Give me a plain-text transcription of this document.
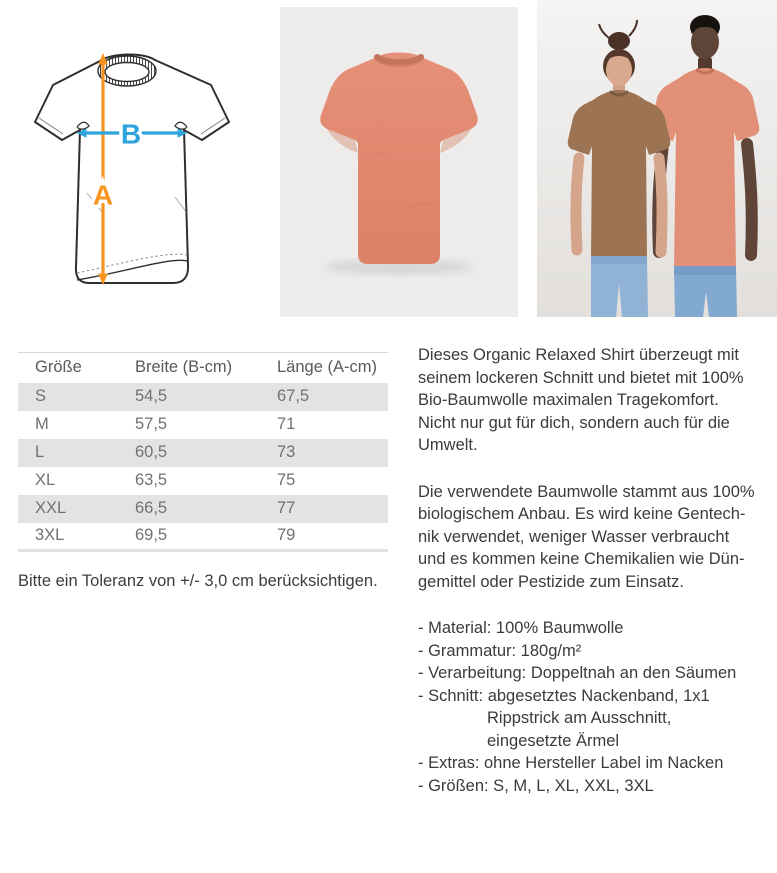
B
A
Größe	Breite (B-cm)	Länge (A-cm)
S	54,5	67,5
M	57,5	71
L	60,5	73
XL	63,5	75
XXL	66,5	77
3XL	69,5	79
Bitte ein Toleranz von +/- 3,0 cm berücksichtigen.
Dieses Organic Relaxed Shirt überzeugt mit
seinem lockeren Schnitt und bietet mit 100%
Bio-Baumwolle maximalen Tragekomfort.
Nicht nur gut für dich, sondern auch für die
Umwelt.
Die verwendete Baumwolle stammt aus 100%
biologischem Anbau. Es wird keine Gentech-
nik verwendet, weniger Wasser verbraucht
und es kommen keine Chemikalien wie Dün-
gemittel oder Pestizide zum Einsatz.
- Material: 100% Baumwolle
- Grammatur: 180g/m²
- Verarbeitung: Doppeltnah an den Säumen
- Schnitt: abgesetztes Nackenband, 1x1
Rippstrick am Ausschnitt,
eingesetzte Ärmel
- Extras: ohne Hersteller Label im Nacken
- Größen: S, M, L, XL, XXL, 3XL
